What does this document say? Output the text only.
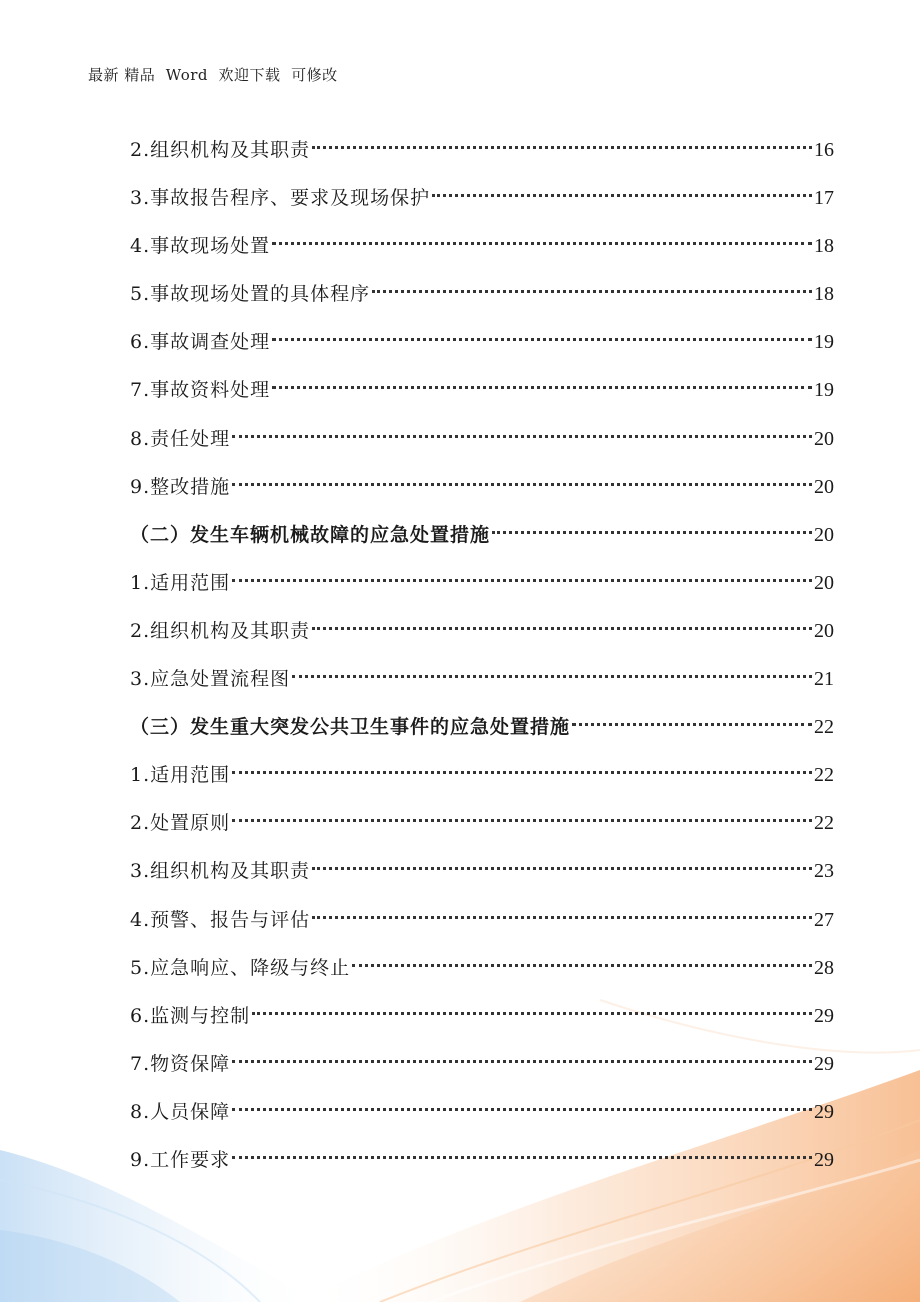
最新 精品  Word  欢迎下载  可修改
2.组织机构及其职责	16
3.事故报告程序、要求及现场保护	17
4.事故现场处置	18
5.事故现场处置的具体程序	18
6.事故调查处理	19
7.事故资料处理	19
8.责任处理	20
9.整改措施	20
（二）发生车辆机械故障的应急处置措施	20
1.适用范围	20
2.组织机构及其职责	20
3.应急处置流程图	21
（三）发生重大突发公共卫生事件的应急处置措施	22
1.适用范围	22
2.处置原则	22
3.组织机构及其职责	23
4.预警、报告与评估	27
5.应急响应、降级与终止	28
6.监测与控制	29
7.物资保障	29
8.人员保障	29
9.工作要求	29
